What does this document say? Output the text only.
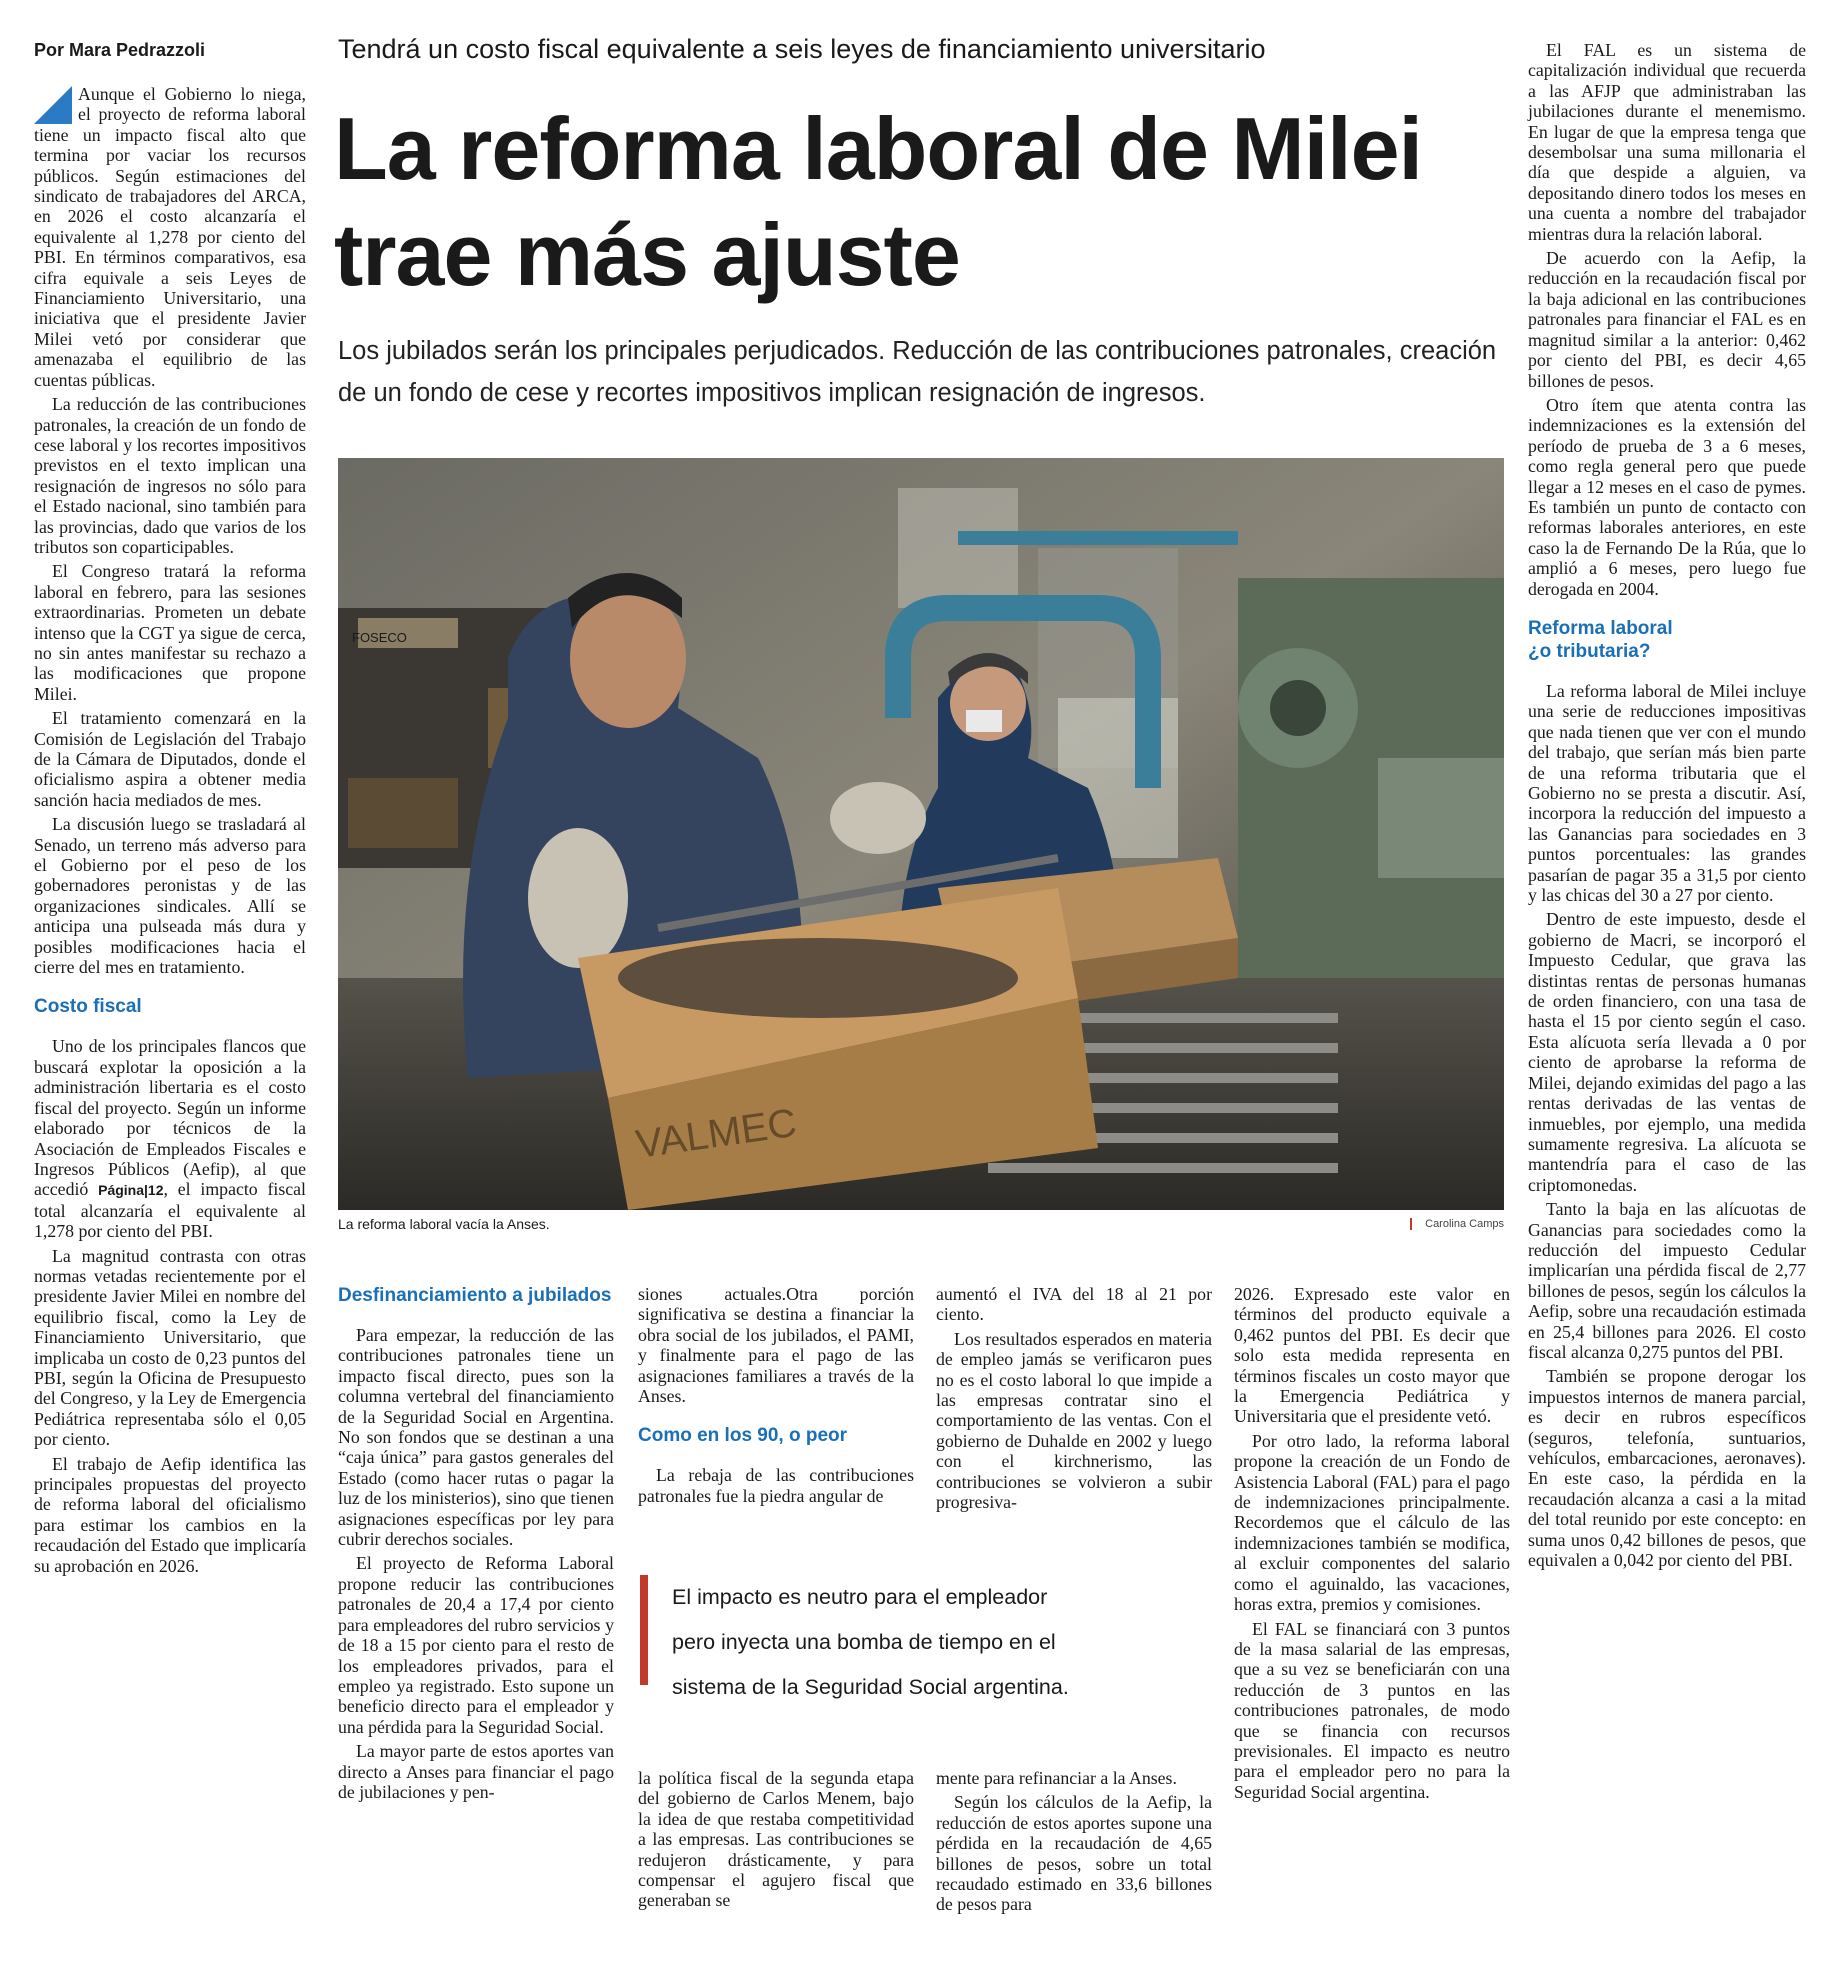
Por Mara Pedrazzoli	Tendrá un costo fiscal equivalente a seis leyes de financiamiento universitario
La reforma laboral de Milei trae más ajuste
Los jubilados serán los principales perjudicados. Reducción de las contribuciones patronales, creación de un fondo de cese y recortes impositivos implican resignación de ingresos.

Aunque el Gobierno lo niega, el proyecto de reforma laboral tiene un impacto fiscal alto que termina por vaciar los recursos públicos. Según estimaciones del sindicato de trabajadores del ARCA, en 2026 el costo alcanzaría el equivalente al 1,278 por ciento del PBI. En términos comparativos, esa cifra equivale a seis Leyes de Financiamiento Universitario, una iniciativa que el presidente Javier Milei vetó por considerar que amenazaba el equilibrio de las cuentas públicas.

La reducción de las contribuciones patronales, la creación de un fondo de cese laboral y los recortes impositivos previstos en el texto implican una resignación de ingresos no sólo para el Estado nacional, sino también para las provincias, dado que varios de los tributos son coparticipables.

El Congreso tratará la reforma laboral en febrero, para las sesiones extraordinarias. Prometen un debate intenso que la CGT ya sigue de cerca, no sin antes manifestar su rechazo a las modificaciones que propone Milei.

El tratamiento comenzará en la Comisión de Legislación del Trabajo de la Cámara de Diputados, donde el oficialismo aspira a obtener media sanción hacia mediados de mes.

La discusión luego se trasladará al Senado, un terreno más adverso para el Gobierno por el peso de los gobernadores peronistas y de las organizaciones sindicales. Allí se anticipa una pulseada más dura y posibles modificaciones hacia el cierre del mes en tratamiento.

Costo fiscal

Uno de los principales flancos que buscará explotar la oposición a la administración libertaria es el costo fiscal del proyecto. Según un informe elaborado por técnicos de la Asociación de Empleados Fiscales e Ingresos Públicos (Aefip), al que accedió Página|12, el impacto fiscal total alcanzaría el equivalente al 1,278 por ciento del PBI.

La magnitud contrasta con otras normas vetadas recientemente por el presidente Javier Milei en nombre del equilibrio fiscal, como la Ley de Financiamiento Universitario, que implicaba un costo de 0,23 puntos del PBI, según la Oficina de Presupuesto del Congreso, y la Ley de Emergencia Pediátrica representaba sólo el 0,05 por ciento.

El trabajo de Aefip identifica las principales propuestas del proyecto de reforma laboral del oficialismo para estimar los cambios en la recaudación del Estado que implicaría su aprobación en 2026.

FOSECO
VALMEC
La reforma laboral vacía la Anses.	Carolina Camps

Desfinanciamiento a jubilados

Para empezar, la reducción de las contribuciones patronales tiene un impacto fiscal directo, pues son la columna vertebral del financiamiento de la Seguridad Social en Argentina. No son fondos que se destinan a una “caja única” para gastos generales del Estado (como hacer rutas o pagar la luz de los ministerios), sino que tienen asignaciones específicas por ley para cubrir derechos sociales.

El proyecto de Reforma Laboral propone reducir las contribuciones patronales de 20,4 a 17,4 por ciento para empleadores del rubro servicios y de 18 a 15 por ciento para el resto de los empleadores privados, para el empleo ya registrado. Esto supone un beneficio directo para el empleador y una pérdida para la Seguridad Social.

La mayor parte de estos aportes van directo a Anses para financiar el pago de jubilaciones y pen-

siones actuales.Otra porción significativa se destina a financiar la obra social de los jubilados, el PAMI, y finalmente para el pago de las asignaciones familiares a través de la Anses.

Como en los 90, o peor

La rebaja de las contribuciones patronales fue la piedra angular de

aumentó el IVA del 18 al 21 por ciento.

Los resultados esperados en materia de empleo jamás se verificaron pues no es el costo laboral lo que impide a las empresas contratar sino el comportamiento de las ventas. Con el gobierno de Duhalde en 2002 y luego con el kirchnerismo, las contribuciones se volvieron a subir progresiva-

El impacto es neutro para el empleador
pero inyecta una bomba de tiempo en el
sistema de la Seguridad Social argentina.

la política fiscal de la segunda etapa del gobierno de Carlos Menem, bajo la idea de que restaba competitividad a las empresas. Las contribuciones se redujeron drásticamente, y para compensar el agujero fiscal que generaban se

mente para refinanciar a la Anses.

Según los cálculos de la Aefip, la reducción de estos aportes supone una pérdida en la recaudación de 4,65 billones de pesos, sobre un total recaudado estimado en 33,6 billones de pesos para

2026. Expresado este valor en términos del producto equivale a 0,462 puntos del PBI. Es decir que solo esta medida representa en términos fiscales un costo mayor que la Emergencia Pediátrica y Universitaria que el presidente vetó.

Por otro lado, la reforma laboral propone la creación de un Fondo de Asistencia Laboral (FAL) para el pago de indemnizaciones principalmente. Recordemos que el cálculo de las indemnizaciones también se modifica, al excluir componentes del salario como el aguinaldo, las vacaciones, horas extra, premios y comisiones.

El FAL se financiará con 3 puntos de la masa salarial de las empresas, que a su vez se beneficiarán con una reducción de 3 puntos en las contribuciones patronales, de modo que se financia con recursos previsionales. El impacto es neutro para el empleador pero no para la Seguridad Social argentina.

El FAL es un sistema de capitalización individual que recuerda a las AFJP que administraban las jubilaciones durante el menemismo. En lugar de que la empresa tenga que desembolsar una suma millonaria el día que despide a alguien, va depositando dinero todos los meses en una cuenta a nombre del trabajador mientras dura la relación laboral.

De acuerdo con la Aefip, la reducción en la recaudación fiscal por la baja adicional en las contribuciones patronales para financiar el FAL es en magnitud similar a la anterior: 0,462 por ciento del PBI, es decir 4,65 billones de pesos.

Otro ítem que atenta contra las indemnizaciones es la extensión del período de prueba de 3 a 6 meses, como regla general pero que puede llegar a 12 meses en el caso de pymes. Es también un punto de contacto con reformas laborales anteriores, en este caso la de Fernando De la Rúa, que lo amplió a 6 meses, pero luego fue derogada en 2004.

Reforma laboral ¿o tributaria?

La reforma laboral de Milei incluye una serie de reducciones impositivas que nada tienen que ver con el mundo del trabajo, que serían más bien parte de una reforma tributaria que el Gobierno no se presta a discutir. Así, incorpora la reducción del impuesto a las Ganancias para sociedades en 3 puntos porcentuales: las grandes pasarían de pagar 35 a 31,5 por ciento y las chicas del 30 a 27 por ciento.

Dentro de este impuesto, desde el gobierno de Macri, se incorporó el Impuesto Cedular, que grava las distintas rentas de personas humanas de orden financiero, con una tasa de hasta el 15 por ciento según el caso. Esta alícuota sería llevada a 0 por ciento de aprobarse la reforma de Milei, dejando eximidas del pago a las rentas derivadas de las ventas de inmuebles, por ejemplo, una medida sumamente regresiva. La alícuota se mantendría para el caso de las criptomonedas.

Tanto la baja en las alícuotas de Ganancias para sociedades como la reducción del impuesto Cedular implicarían una pérdida fiscal de 2,77 billones de pesos, según los cálculos la Aefip, sobre una recaudación estimada en 25,4 billones para 2026. El costo fiscal alcanza 0,275 puntos del PBI.

También se propone derogar los impuestos internos de manera parcial, es decir en rubros específicos (seguros, telefonía, suntuarios, vehículos, embarcaciones, aeronaves). En este caso, la pérdida en la recaudación alcanza a casi a la mitad del total reunido por este concepto: en suma unos 0,42 billones de pesos, que equivalen a 0,042 por ciento del PBI.
